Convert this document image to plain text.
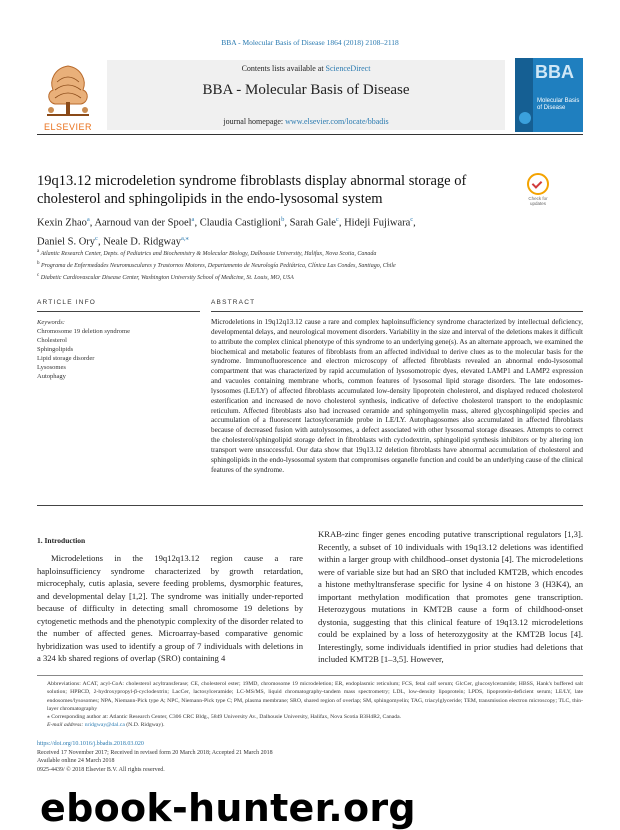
BBA - Molecular Basis of Disease 1864 (2018) 2108–2118
ELSEVIER
Contents lists available at ScienceDirect
BBA - Molecular Basis of Disease
journal homepage: www.elsevier.com/locate/bbadis
BBA
Molecular Basis of Disease
19q13.12 microdeletion syndrome fibroblasts display abnormal storage of cholesterol and sphingolipids in the endo-lysosomal system	Check for updates
Kexin Zhao$^a$, Aarnoud van der Spoel$^a$, Claudia Castiglioni$^b$, Sarah Gale$^c$, Hideji Fujiwara$^c$,
Daniel S. Ory$^c$, Neale D. Ridgway$^{a,⁎}$
$^a$ Atlantic Research Center, Depts. of Pediatrics and Biochemistry & Molecular Biology, Dalhousie University, Halifax, Nova Scotia, Canada
$^b$ Programa de Enfermedades Neuromusculares y Trastornos Motores, Departamento de Neurología Pediátrica, Clínica Las Condes, Santiago, Chile
$^c$ Diabetic Cardiovascular Disease Center, Washington University School of Medicine, St. Louis, MO, USA
ARTICLE INFO	ABSTRACT
Keywords:
Chromosome 19 deletion syndrome
Cholesterol
Sphingolipids
Lipid storage disorder
Lysosomes
Autophagy
Microdeletions in 19q12q13.12 cause a rare and complex haploinsufficiency syndrome characterized by intellectual deficiency, developmental delays, and neurological movement disorders. Variability in the size and interval of the deletions makes it difficult to attribute the complex clinical phenotype of this syndrome to an underlying gene(s). As an alternate approach, we examined the biochemical and metabolic features of fibroblasts from an affected individual to derive clues as to the molecular basis for the syndrome. Immunofluorescence and electron microscopy of affected fibroblasts revealed an abnormal endo-lysosomal compartment that was characterized by rapid accumulation of lysosomotropic dyes, elevated LAMP1 and LAMP2 expression and vacuoles containing membrane whorls, common features of lysosomal lipid storage disorders. The late endosomes-lysosomes (LE/LY) of affected fibroblasts accumulated low-density lipoprotein cholesterol, and displayed reduced cholesterol esterification and increased de novo cholesterol synthesis, indicative of defective cholesterol transport to the endoplasmic reticulum. Affected fibroblasts also had increased ceramide and sphingomyelin mass, altered glycosphingolipid species and accumulation of a fluorescent lactosylceramide probe in LE/LY. Autophagosomes also accumulated in affected fibroblasts because of decreased fusion with autolysosomes, a defect associated with other lysosomal storage diseases. Attempts to correct the cholesterol/sphingolipid storage defect in fibroblasts with cyclodextrin, sphingolipid synthesis inhibitors or by altering ion transport were unsuccessful. Our data show that 19q13.12 deletion fibroblasts have abnormal accumulation of cholesterol and sphingolipids in the endo-lysosomal system that compromises organelle function and could be an underlying cause of the clinical features of the syndrome.
1. Introduction
Microdeletions in the 19q12q13.12 region cause a rare haploinsufficiency syndrome characterized by growth retardation, microcephaly, cutis aplasia, severe feeding problems, dysmorphic features, and developmental delay [1,2]. The syndrome was initially under-reported because of difficulty in detecting small chromosome 19 deletions by cytogenetic methods and the phenotypic complexity of the disorder related to the number of affected genes. Microarray-based comparative genomic hybridization was used to identify a group of 7 individuals with deletions in a 324 kb shared regions of overlap (SRO) containing 4
KRAB-zinc finger genes encoding putative transcriptional regulators [1,3]. Recently, a subset of 10 individuals with 19q13.12 deletions was identified within a larger group with childhood–onset dystonia [4]. The microdeletions were of variable size but had an SRO that included KMT2B, which encodes a histone methyltransferase specific for lysine 4 on histone 3 (H3K4), an important methylation modification that promotes gene transcription. Heterozygous mutations in KMT2B cause a form of childhood-onset dystonia, suggesting that this clinical feature of 19q13.12 microdeletions could be explained by a loss of heterozygosity at the KMT2B locus [4]. Interestingly, some individuals identified in prior studies had deletions that included KMT2B [1–3,5]. However,
Abbreviations: ACAT, acyl-CoA: cholesterol acyltransferase; CE, cholesterol ester; 19MD, chromosome 19 microdeletion; ER, endoplasmic reticulum; FCS, fetal calf serum; GlcCer, glucosylceramide; HBSS, Hank's buffered salt solution; HPBCD, 2-hydroxypropyl-β-cyclodextrin; LacCer, lactosylceramide; LC-MS/MS, liquid chromatography-tandem mass spectrometry; LDL, low-density lipoprotein; LPDS, lipoprotein-deficient serum; LE/LY, late endosomes/lysosomes; NPA, Niemann-Pick type A; NPC, Niemann-Pick type C; PM, plasma membrane; SRO, shared region of overlap; SM, sphingomyelin; TAG, triacylglyceride; TEM, transmission electron microscopy; TLC, thin-layer chromatography
⁎ Corresponding author at: Atlantic Research Center, C306 CRC Bldg., 5849 University Av., Dalhousie University, Halifax, Nova Scotia B3H4R2, Canada.
E-mail address: nridgway@dal.ca (N.D. Ridgway).
https://doi.org/10.1016/j.bbadis.2018.03.020
Received 17 November 2017; Received in revised form 20 March 2018; Accepted 21 March 2018
Available online 24 March 2018
0925-4439/ © 2018 Elsevier B.V. All rights reserved.
ebook-hunter.org
